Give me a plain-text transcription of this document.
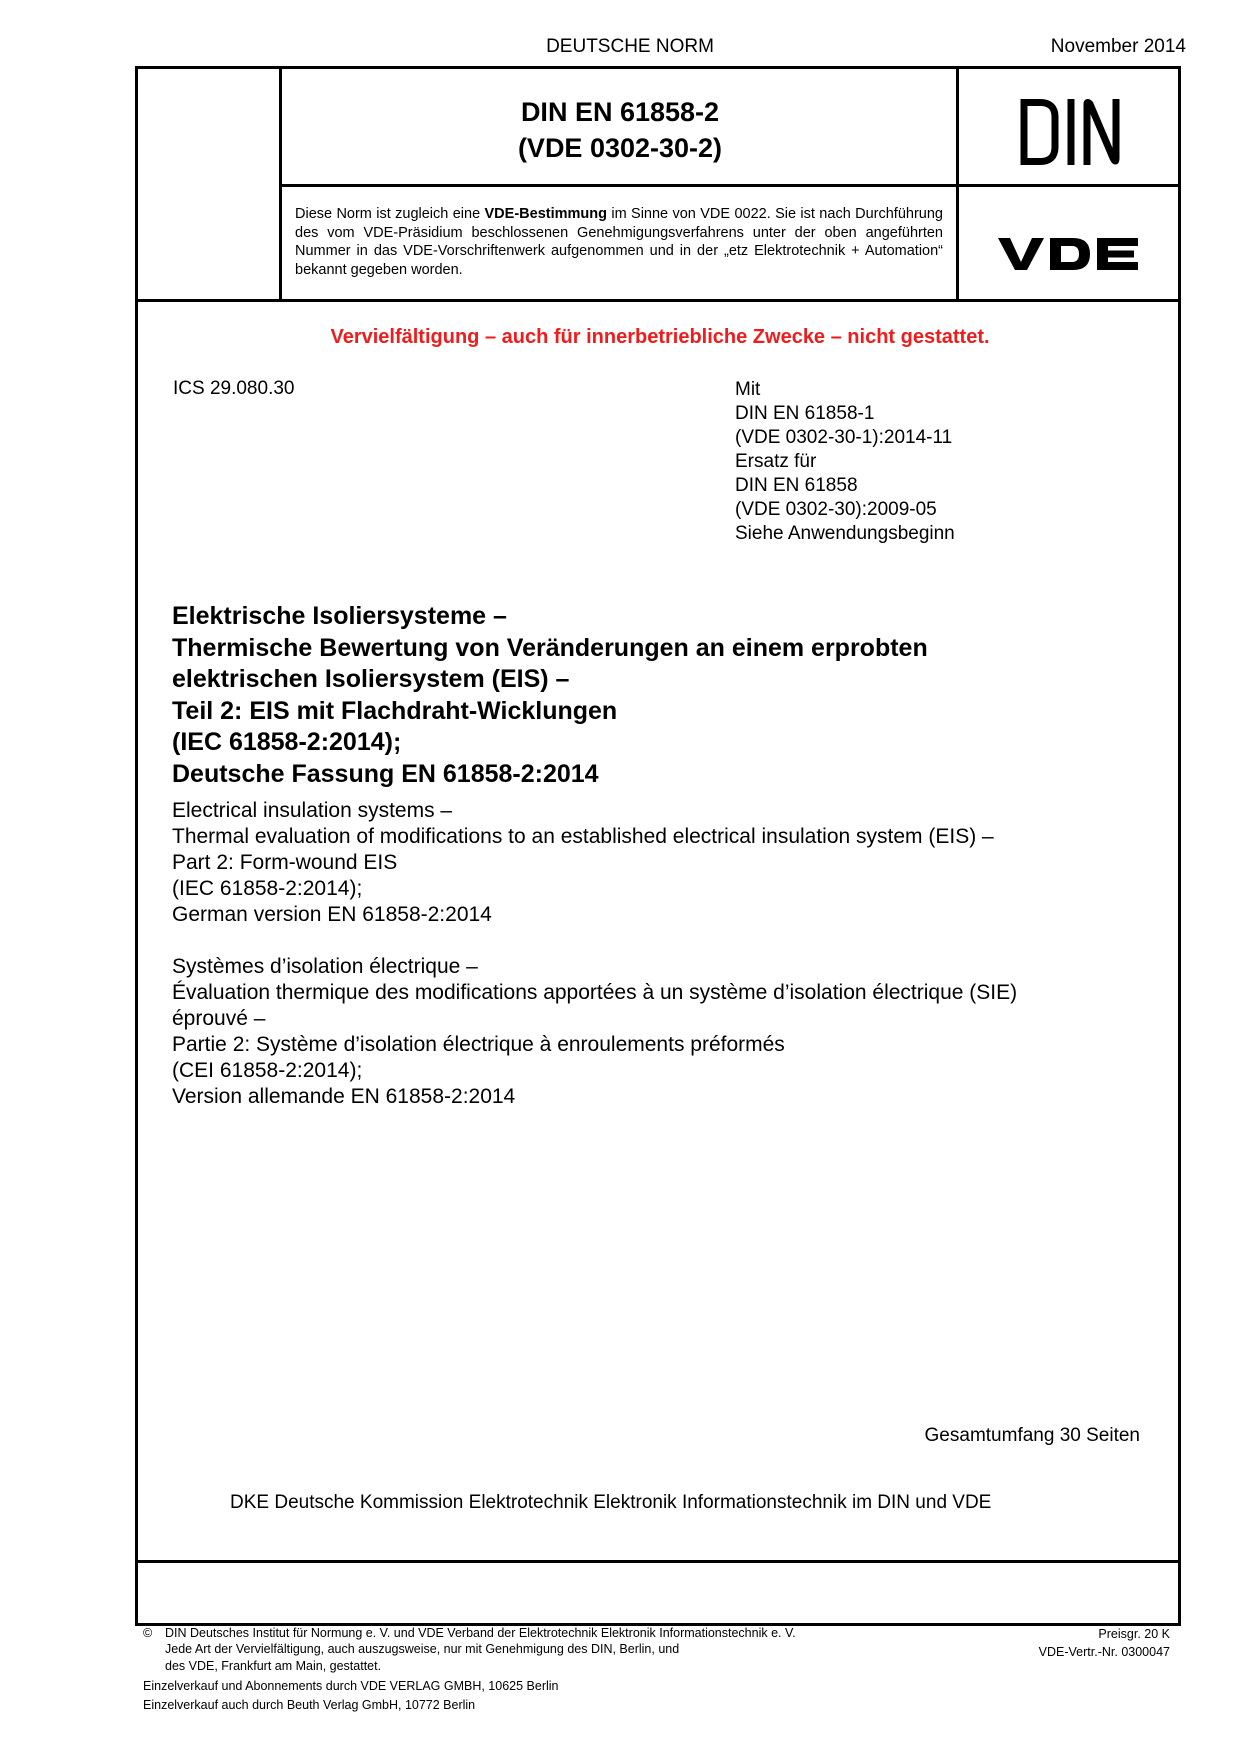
DEUTSCHE NORM	November 2014
DIN EN 61858-2
(VDE 0302-30-2)
Diese Norm ist zugleich eine VDE-Bestimmung im Sinne von VDE 0022. Sie ist nach Durchführung des vom VDE-Präsidium beschlossenen Genehmigungsverfahrens unter der oben angeführten Nummer in das VDE-Vorschriftenwerk aufgenommen und in der „etz Elektrotechnik + Automation“ bekannt gegeben worden.
Vervielfältigung – auch für innerbetriebliche Zwecke – nicht gestattet.
ICS 29.080.30	Mit
DIN EN 61858-1
(VDE 0302-30-1):2014-11
Ersatz für
DIN EN 61858
(VDE 0302-30):2009-05
Siehe Anwendungsbeginn
Elektrische Isoliersysteme –
Thermische Bewertung von Veränderungen an einem erprobten
elektrischen Isoliersystem (EIS) –
Teil 2: EIS mit Flachdraht-Wicklungen
(IEC 61858-2:2014);
Deutsche Fassung EN 61858-2:2014
Electrical insulation systems –
Thermal evaluation of modifications to an established electrical insulation system (EIS) –
Part 2: Form-wound EIS
(IEC 61858-2:2014);
German version EN 61858-2:2014
Systèmes d’isolation électrique –
Évaluation thermique des modifications apportées à un système d’isolation électrique (SIE)
éprouvé –
Partie 2: Système d’isolation électrique à enroulements préformés
(CEI 61858-2:2014);
Version allemande EN 61858-2:2014
Gesamtumfang 30 Seiten
DKE Deutsche Kommission Elektrotechnik Elektronik Informationstechnik im DIN und VDE
© DIN Deutsches Institut für Normung e. V. und VDE Verband der Elektrotechnik Elektronik Informationstechnik e. V.
Jede Art der Vervielfältigung, auch auszugsweise, nur mit Genehmigung des DIN, Berlin, und
des VDE, Frankfurt am Main, gestattet.
Preisgr. 20 K
VDE-Vertr.-Nr. 0300047
Einzelverkauf und Abonnements durch VDE VERLAG GMBH, 10625 Berlin
Einzelverkauf auch durch Beuth Verlag GmbH, 10772 Berlin
